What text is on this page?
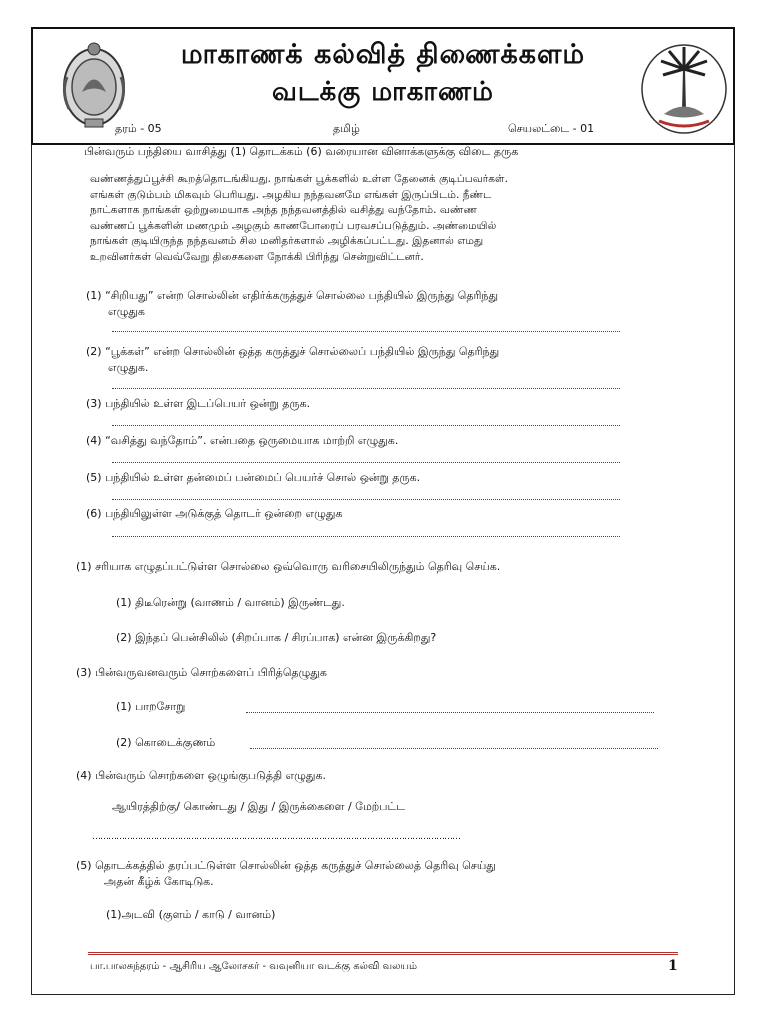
மாகாணக் கல்வித் திணைக்களம்
வடக்கு மாகாணம்
தரம் - 05	தமிழ்	செயலட்டை - 01
பின்வரும் பந்தியை வாசித்து (1) தொடக்கம் (6) வரையான வினாக்களுக்கு விடை தருக
வண்ணத்துப்பூச்சி கூறத்தொடங்கியது. நாங்கள் பூக்களில் உள்ள தேனைக் குடிப்பவர்கள்.
எங்கள் குடும்பம் மிகவும் பெரியது. அழகிய நந்தவனமே எங்கள் இருப்பிடம். நீண்ட
நாட்களாக நாங்கள் ஒற்றுமையாக அந்த நந்தவனத்தில் வசித்து வந்தோம். வண்ண
வண்ணப் பூக்களின் மணமும் அழகும் காணபோரைப் பரவசப்படுத்தும். அண்மையில்
நாங்கள் குடியிருந்த நந்தவனம் சில மனிதர்களால் அழிக்கப்பட்டது. இதனால் எமது
உறவினர்கள் வெவ்வேறு திசைகளை நோக்கி பிரிந்து சென்றுவிட்டனர்.
(1) “சிறியது” என்ற சொல்லின் எதிர்க்கருத்துச் சொல்லை பந்தியில் இருந்து தெரிந்து
எழுதுக
(2) “பூக்கள்” என்ற சொல்லின் ஒத்த கருத்துச் சொல்லைப் பந்தியில் இருந்து தெரிந்து
எழுதுக.
(3) பந்தியில் உள்ள இடப்பெயர் ஒன்று தருக.
(4) “வசித்து வந்தோம்”. என்பதை ஒருமையாக மாற்றி எழுதுக.
(5) பந்தியில் உள்ள தன்மைப் பன்மைப் பெயர்ச் சொல் ஒன்று தருக.
(6) பந்தியிலுள்ள அடுக்குத் தொடர் ஒன்றை எழுதுக
(1) சரியாக எழுதப்பட்டுள்ள சொல்லை ஒவ்வொரு வரிசையிலிருந்தும் தெரிவு செய்க.
(1) திடீரென்று (வாணம் / வானம்) இருண்டது.
(2) இந்தப் பென்சிலில் (சிறப்பாக / சிரப்பாக) என்ன இருக்கிறது?
(3) பின்வருவனவரும் சொற்களைப் பிரித்தெழுதுக
(1) பாறசோறு
(2) கொடைக்குணம்
(4) பின்வரும் சொற்களை ஒழுங்குபடுத்தி எழுதுக.
ஆயிரத்திற்கு/ கொண்டது / இது / இருக்கைளை / மேற்பட்ட
…………………………………………………………………………………………………………………………
(5) தொடக்கத்தில் தரப்பட்டுள்ள சொல்லின் ஒத்த கருத்துச் சொல்லைத் தெரிவு செய்து
அதன் கீழ்க் கோடிடுக.
(1)அடவி (குளம் / காடு / வானம்)
பா.பாலசுந்தரம் - ஆசிரிய ஆலோசகர் - வவுனியா வடக்கு கல்வி வலயம்	1
